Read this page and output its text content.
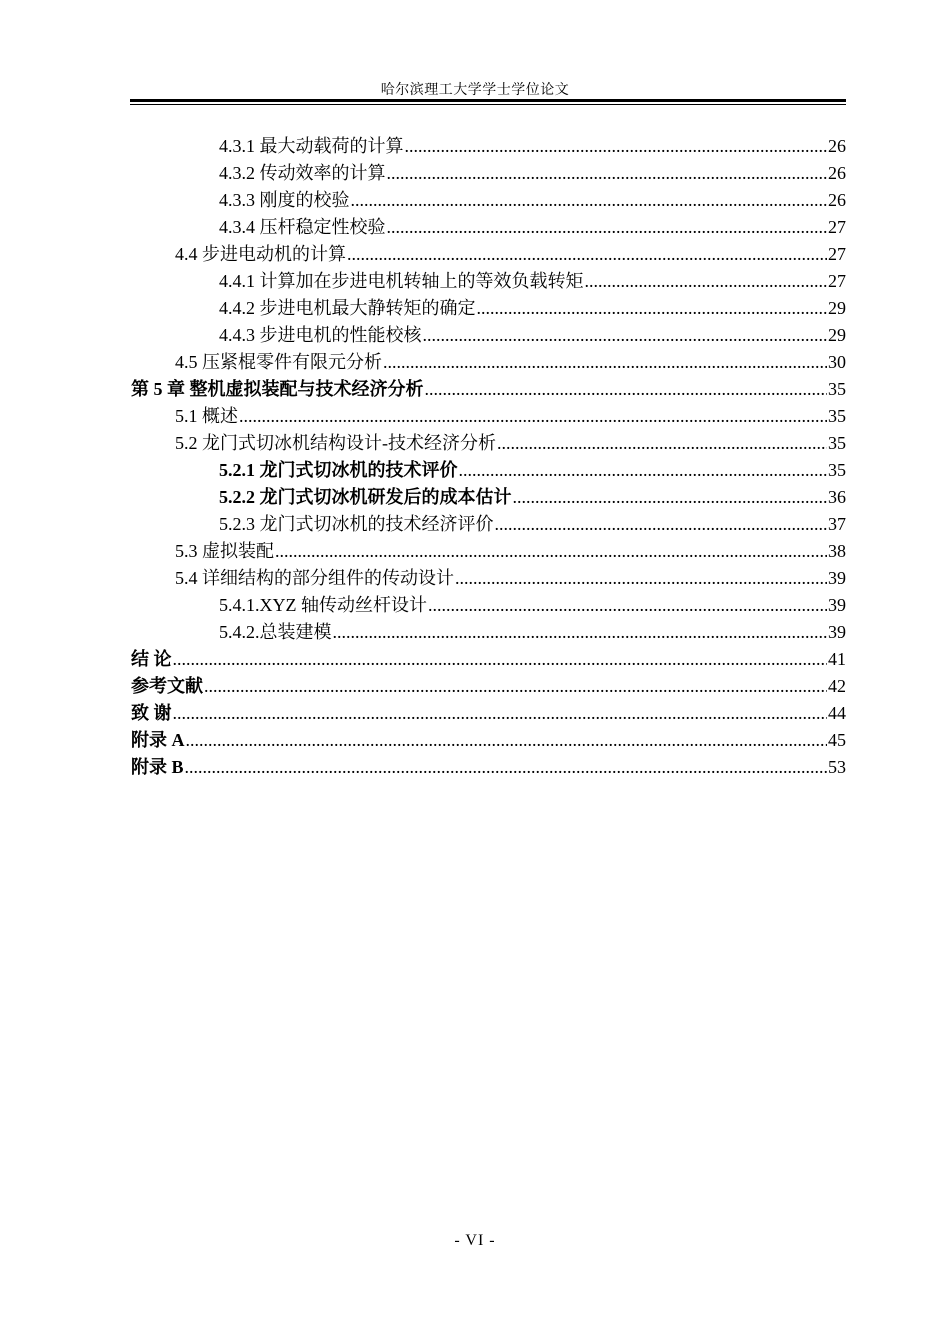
哈尔滨理工大学学士学位论文
4.3.1 最大动载荷的计算 .....	26
4.3.2 传动效率的计算 .....	26
4.3.3 刚度的校验 .....	26
4.3.4 压杆稳定性校验 .....	27
4.4 步进电动机的计算 .....	27
4.4.1 计算加在步进电机转轴上的等效负载转矩 .....	27
4.4.2 步进电机最大静转矩的确定 .....	29
4.4.3 步进电机的性能校核 .....	29
4.5 压紧棍零件有限元分析 .....	30
第 5 章 整机虚拟装配与技术经济分析 .....	35
5.1 概述 .....	35
5.2 龙门式切冰机结构设计-技术经济分析 .....	35
5.2.1 龙门式切冰机的技术评价 .....	35
5.2.2 龙门式切冰机研发后的成本估计 .....	36
5.2.3 龙门式切冰机的技术经济评价 .....	37
5.3 虚拟装配 .....	38
5.4 详细结构的部分组件的传动设计 .....	39
5.4.1.XYZ 轴传动丝杆设计 .....	39
5.4.2.总装建模 .....	39
结 论 .....	41
参考文献 .....	42
致 谢 .....	44
附录 A .....	45
附录 B .....	53
- VI -
